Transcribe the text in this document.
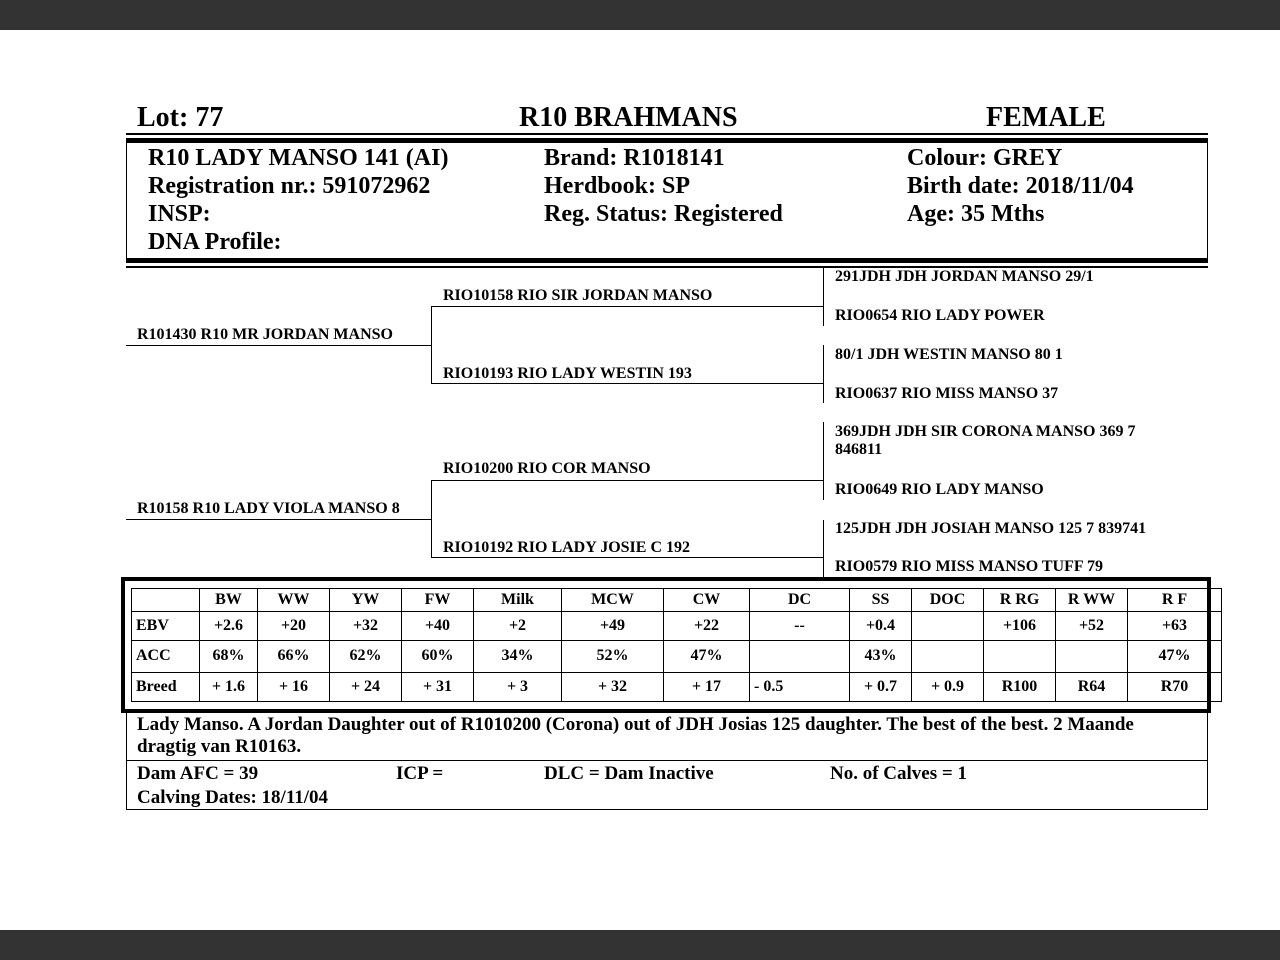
Lot: 77	R10 BRAHMANS	FEMALE
R10 LADY MANSO 141 (AI)
Registration nr.: 591072962
INSP:
DNA Profile:
Brand: R1018141
Herdbook: SP
Reg. Status: Registered
Colour: GREY
Birth date: 2018/11/04
Age: 35 Mths
R101430 R10 MR JORDAN MANSO
R10158 R10 LADY VIOLA MANSO 8
RIO10158 RIO SIR JORDAN MANSO
RIO10193 RIO LADY WESTIN 193
RIO10200 RIO COR MANSO
RIO10192 RIO LADY JOSIE C 192
291JDH JDH JORDAN MANSO 29/1
RIO0654 RIO LADY POWER
80/1 JDH WESTIN MANSO 80 1
RIO0637 RIO MISS MANSO 37
369JDH JDH SIR CORONA MANSO 369 7
846811
RIO0649 RIO LADY MANSO
125JDH JDH JOSIAH MANSO 125 7 839741
RIO0579 RIO MISS MANSO TUFF 79
	BW	WW	YW	FW	Milk	MCW	CW	DC	SS	DOC	R RG	R WW	R F
EBV	+2.6	+20	+32	+40	+2	+49	+22	--	+0.4		+106	+52	+63
ACC	68%	66%	62%	60%	34%	52%	47%		43%				47%
Breed	+ 1.6	+ 16	+ 24	+ 31	+ 3	+ 32	+ 17	- 0.5	+ 0.7	+ 0.9	R100	R64	R70
Lady Manso. A Jordan Daughter out of R1010200 (Corona) out of JDH Josias 125 daughter. The best of the best. 2 Maande dragtig van R10163.
Dam AFC = 39	ICP =	DLC = Dam Inactive	No. of Calves = 1
Calving Dates: 18/11/04
